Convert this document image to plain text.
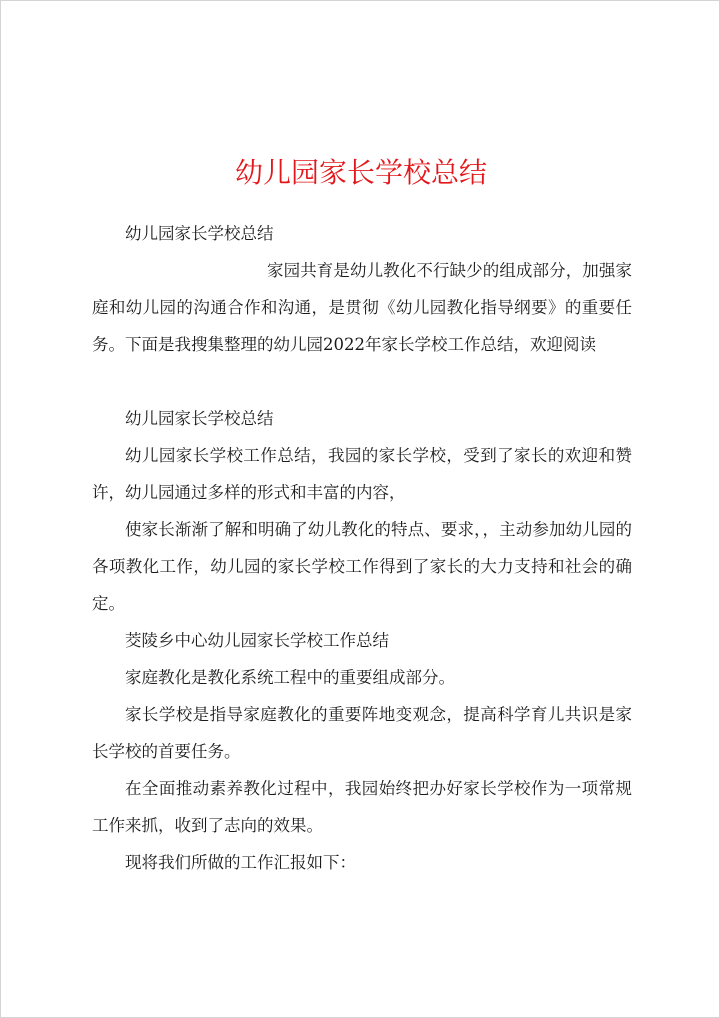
幼儿园家长学校总结

幼儿园家长学校总结

家园共育是幼儿教化不行缺少的组成部分，加强家庭和幼儿园的沟通合作和沟通，是贯彻《幼儿园教化指导纲要》的重要任务。下面是我搜集整理的幼儿园2022年家长学校工作总结，欢迎阅读

幼儿园家长学校总结

幼儿园家长学校工作总结，我园的家长学校，受到了家长的欢迎和赞许，幼儿园通过多样的形式和丰富的内容，

使家长渐渐了解和明确了幼儿教化的特点、要求，，主动参加幼儿园的各项教化工作，幼儿园的家长学校工作得到了家长的大力支持和社会的确定。

茭陵乡中心幼儿园家长学校工作总结

家庭教化是教化系统工程中的重要组成部分。

家长学校是指导家庭教化的重要阵地变观念，提高科学育儿共识是家长学校的首要任务。

在全面推动素养教化过程中，我园始终把办好家长学校作为一项常规工作来抓，收到了志向的效果。

现将我们所做的工作汇报如下：
